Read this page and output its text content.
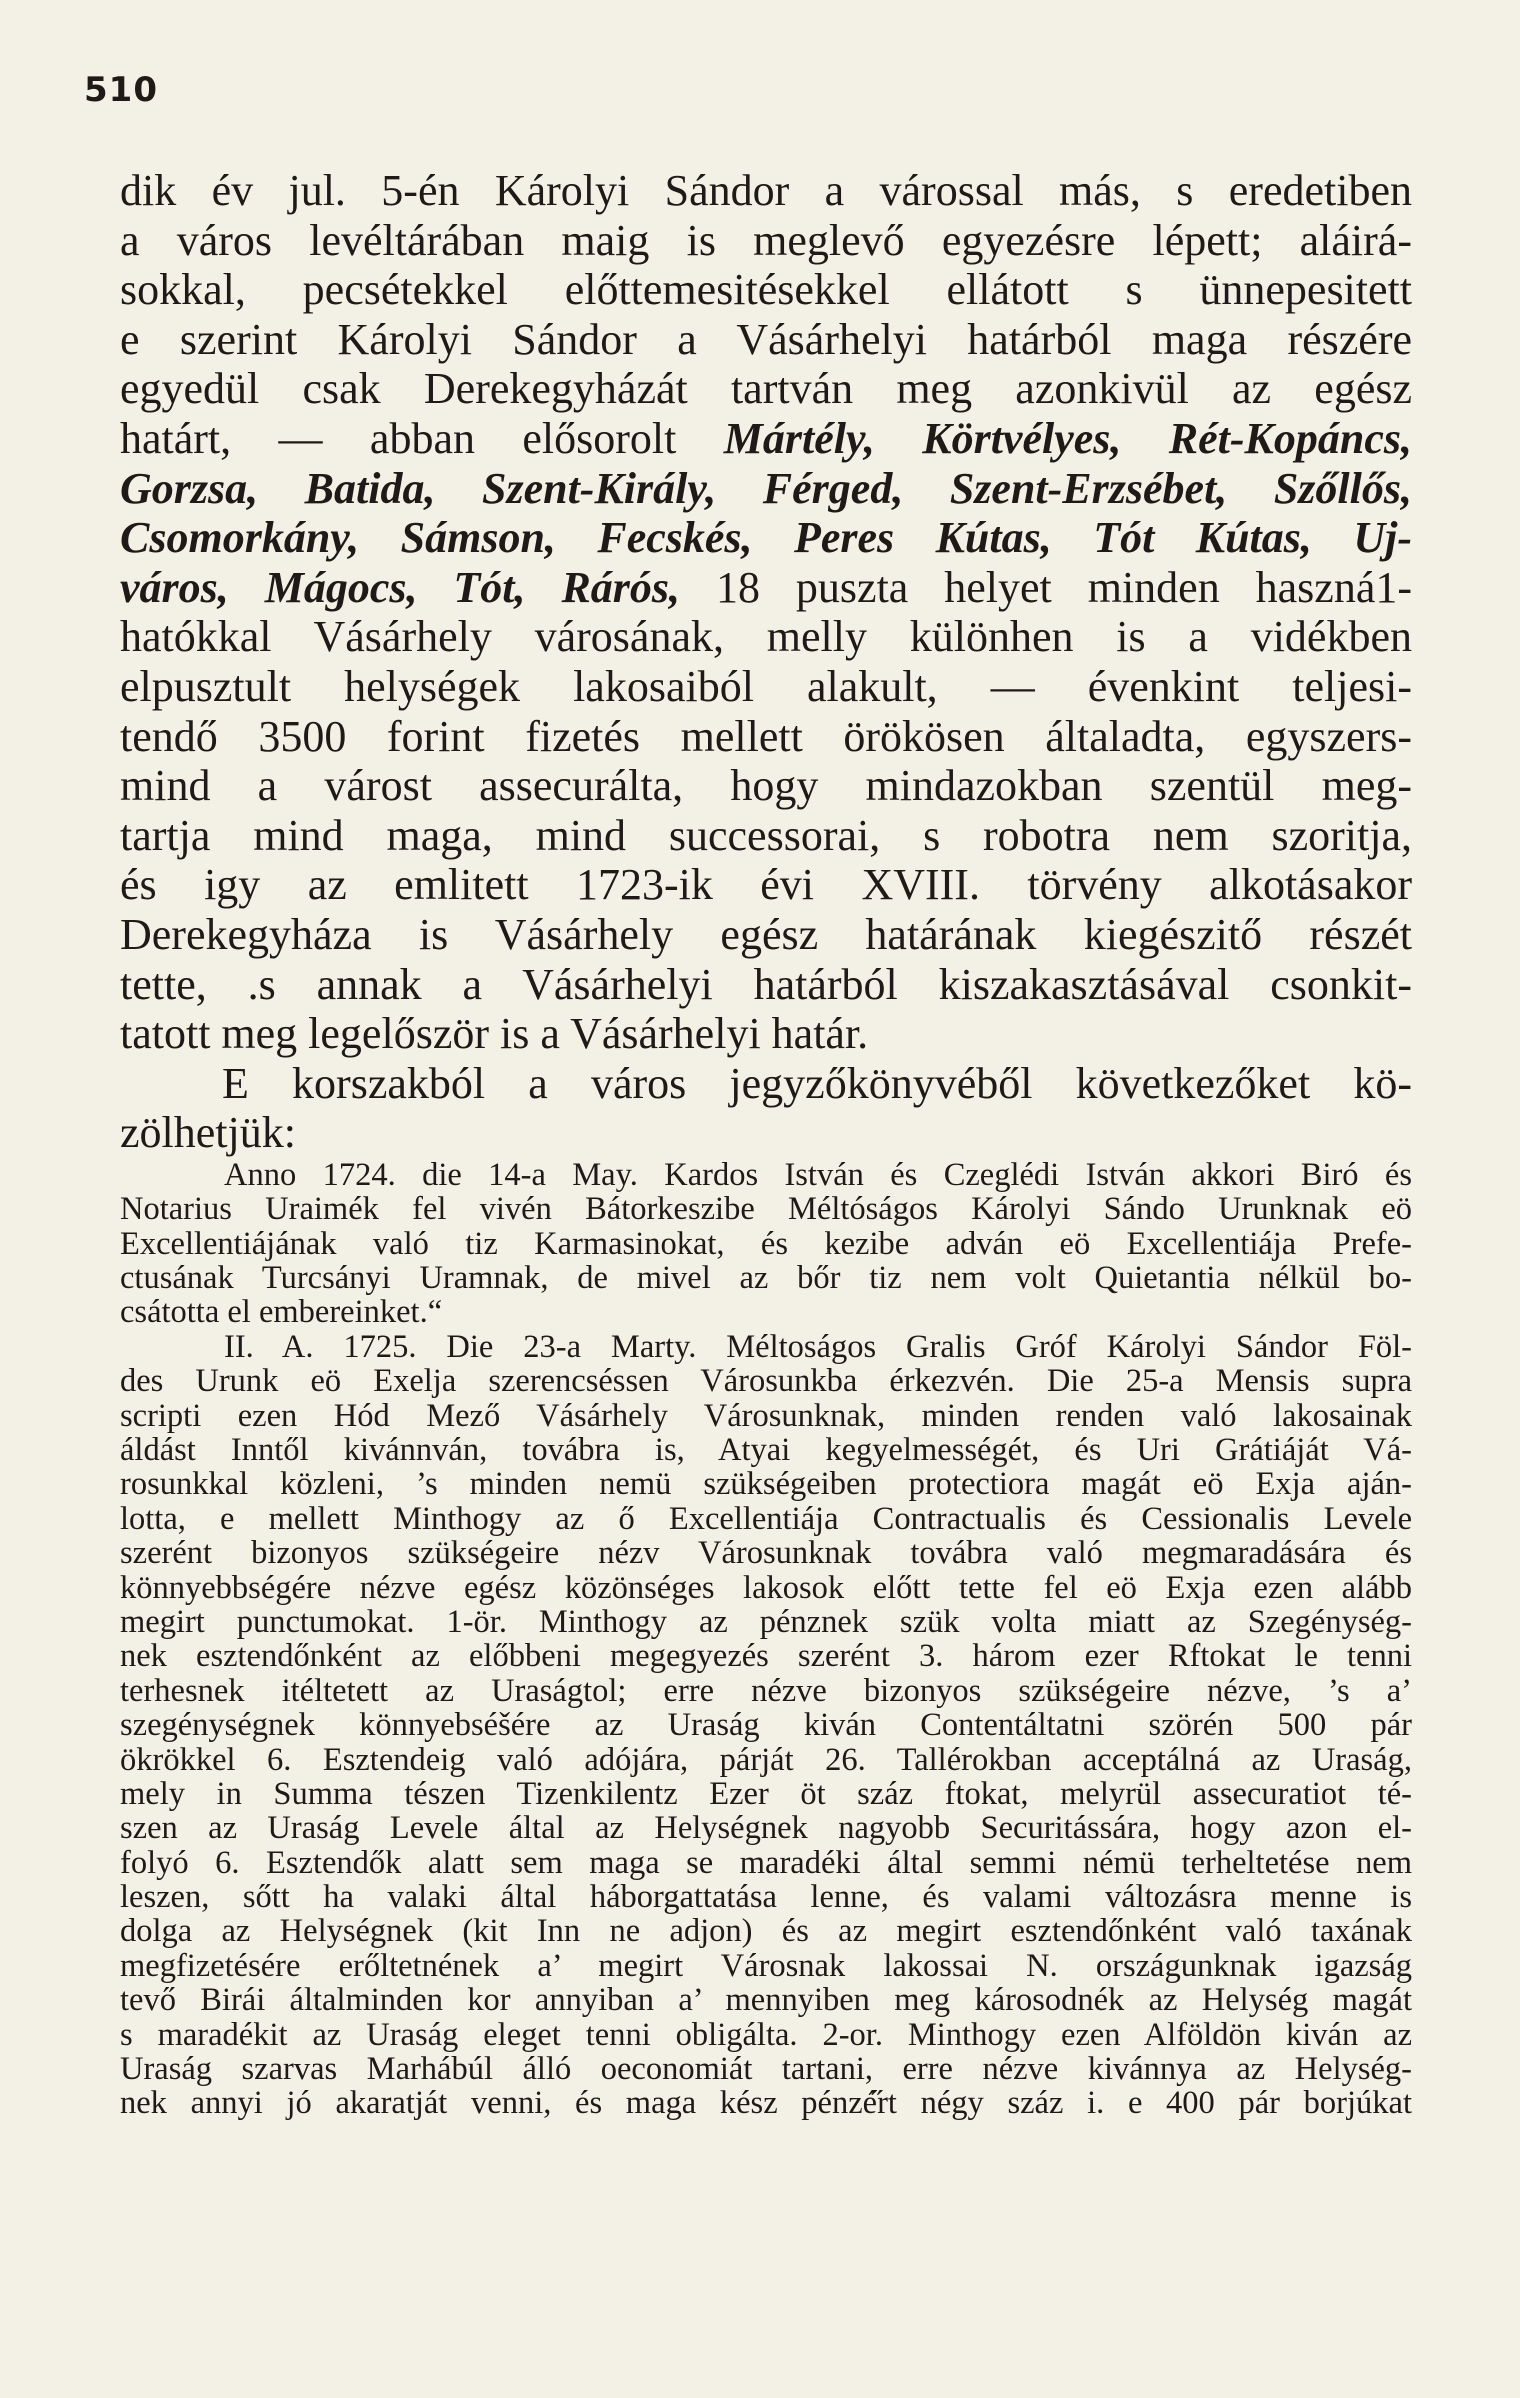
510
dik év jul. 5-én Károlyi Sándor a várossal más, s eredetiben
a város levéltárában maig is meglevő egyezésre lépett; aláirá-
sokkal, pecsétekkel előttemesitésekkel ellátott s ünnepesitett
e szerint Károlyi Sándor a Vásárhelyi határból maga részére
egyedül csak Derekegyházát tartván meg azonkivül az egész
határt, — abban elősorolt Mártély, Körtvélyes, Rét-Kopáncs,
Gorzsa, Batida, Szent-Király, Férged, Szent-Erzsébet, Szőllős,
Csomorkány, Sámson, Fecskés, Peres Kútas, Tót Kútas, Uj-
város, Mágocs, Tót, Rárós, 18 puszta helyet minden haszná1-
hatókkal Vásárhely városának, melly különhen is a vidékben
elpusztult helységek lakosaiból alakult, — évenkint teljesi-
tendő 3500 forint fizetés mellett örökösen általadta, egyszers-
mind a várost assecurálta, hogy mindazokban szentül meg-
tartja mind maga, mind successorai, s robotra nem szoritja,
és igy az emlitett 1723-ik évi XVIII. törvény alkotásakor
Derekegyháza is Vásárhely egész határának kiegészitő részét
tette, .s annak a Vásárhelyi határból kiszakasztásával csonkit-
tatott meg legelőször is a Vásárhelyi határ.
E korszakból a város jegyzőkönyvéből következőket kö-
zölhetjük:
Anno 1724. die 14-a May. Kardos István és Czeglédi István akkori Biró és
Notarius Uraimék fel vivén Bátorkeszibe Méltóságos Károlyi Sándo Urunknak eö
Excellentiájának való tiz Karmasinokat, és kezibe adván eö Excellentiája Prefe-
ctusának Turcsányi Uramnak, de mivel az bőr tiz nem volt Quietantia nélkül bo-
csátotta el embereinket.“
II. A. 1725. Die 23-a Marty. Méltoságos Gralis Gróf Károlyi Sándor Föl-
des Urunk eö Exelja szerencséssen Városunkba érkezvén. Die 25-a Mensis supra
scripti ezen Hód Mező Vásárhely Városunknak, minden renden való lakosainak
áldást Inntől kivánnván, továbra is, Atyai kegyelmességét, és Uri Grátiáját Vá-
rosunkkal közleni, ’s minden nemü szükségeiben protectiora magát eö Exja aján-
lotta, e mellett Minthogy az ő Excellentiája Contractualis és Cessionalis Levele
szerént bizonyos szükségeire nézv Városunknak továbra való megmaradására és
könnyebbségére nézve egész közönséges lakosok előtt tette fel eö Exja ezen alább
megirt punctumokat. 1-ör. Minthogy az pénznek szük volta miatt az Szegénység-
nek esztendőnként az előbbeni megegyezés szerént 3. három ezer Rftokat le tenni
terhesnek itéltetett az Uraságtol; erre nézve bizonyos szükségeire nézve, ’s a’
szegénységnek könnyebséšére az Uraság kiván Contentáltatni szörén 500 pár
ökrökkel 6. Esztendeig való adójára, párját 26. Tallérokban acceptálná az Uraság,
mely in Summa tészen Tizenkilentz Ezer öt száz ftokat, melyrül assecuratiot té-
szen az Uraság Levele által az Helységnek nagyobb Securitássára, hogy azon el-
folyó 6. Esztendők alatt sem maga se maradéki által semmi némü terheltetése nem
leszen, sőtt ha valaki által háborgattatása lenne, és valami változásra menne is
dolga az Helységnek (kit Inn ne adjon) és az megirt esztendőnként való taxának
megfizetésére erőltetnének a’ megirt Városnak lakossai N. országunknak igazság
tevő Birái általminden kor annyiban a’ mennyiben meg károsodnék az Helység magát
s maradékit az Uraság eleget tenni obligálta. 2-or. Minthogy ezen Alföldön kiván az
Uraság szarvas Marhábúl álló oeconomiát tartani, erre nézve kivánnya az Helység-
nek annyi jó akaratját venni, és maga kész pénzé̋rt négy száz i. e 400 pár borjúkat
